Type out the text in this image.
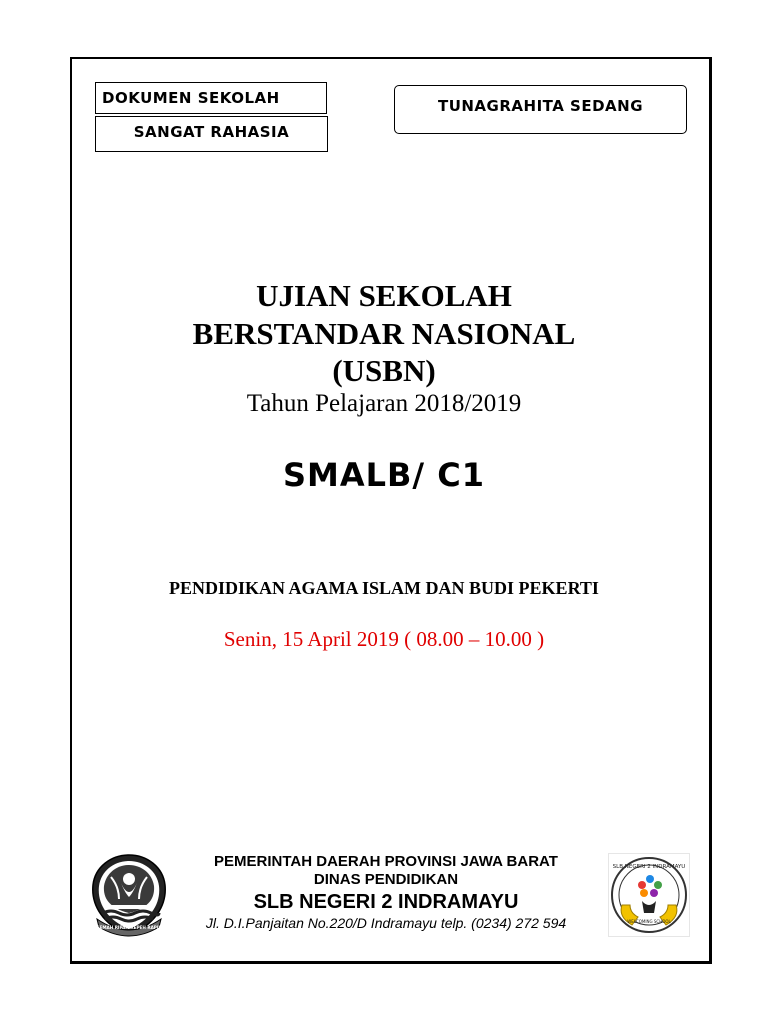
DOKUMEN SEKOLAH
SANGAT RAHASIA
TUNAGRAHITA SEDANG
UJIAN SEKOLAH
BERSTANDAR NASIONAL
(USBN)
Tahun Pelajaran 2018/2019
SMALB/ C1
PENDIDIKAN AGAMA ISLAM DAN BUDI PEKERTI
Senin, 15 April 2019 ( 08.00 – 10.00 )
GEMAH RIPAH REPEH RAPIH
PEMERINTAH DAERAH PROVINSI JAWA BARAT
DINAS PENDIDIKAN
SLB NEGERI 2 INDRAMAYU
Jl. D.I.Panjaitan No.220/D Indramayu telp. (0234) 272 594
SLB NEGERI 2 INDRAMAYU
WELCOMING SCHOOL
